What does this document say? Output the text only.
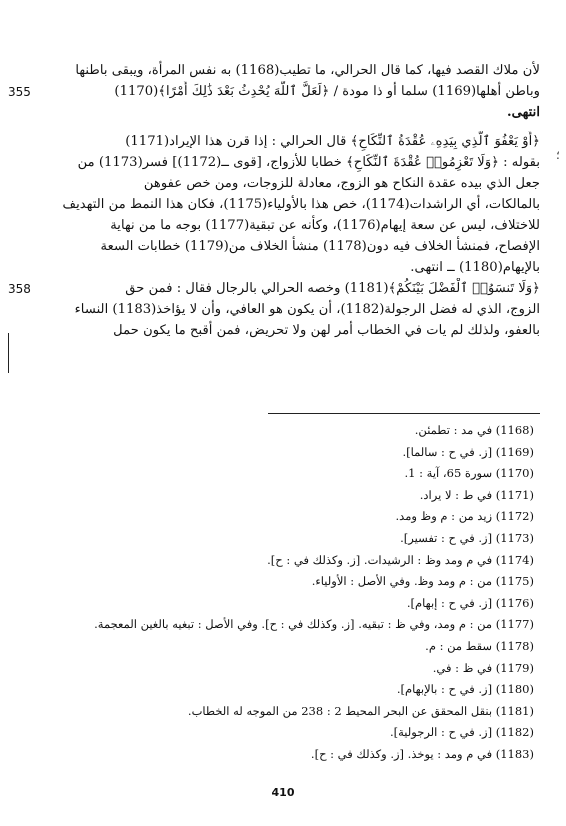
؛
لأن ملاك القصد فيها، كما قال الحرالي، ما تطيب(1168) به نفس المرأة، ويبقى باطنها
وباطن أهلها(1169) سلما أو ذا مودة / ﴿لَعَلَّ ٱللَّهَ يُحْدِثُ بَعْدَ ذَٰلِكَ أَمْرًا﴾(1170)
355
انتهى.
﴿أَوْ يَعْفُوَ ٱلَّذِي بِيَدِهِۦ عُقْدَةُ ٱلنِّكَاحِ﴾ قال الحرالي : إذا قرن هذا الإيراد(1171)
بقوله : ﴿وَلَا تَعْزِمُوا۟ عُقْدَةَ ٱلنِّكَاحِ﴾ خطابا للأزواج، [قوى ــ(1172)] فسر(1173) من
جعل الذي بيده عقدة النكاح هو الزوج، معادلة للزوجات، ومن خص عفوهن
بالمالكات، أي الراشدات(1174)، خص هذا بالأولياء(1175)، فكان هذا النمط من التهديف
للاختلاف، ليس عن سعة إيهام(1176)، وكأنه عن تبقية(1177) بوجه ما من نهاية
الإفصاح، فمنشأ الخلاف فيه دون(1178) منشأ الخلاف من(1179) خطابات السعة
بالإيهام(1180) ــ انتهى.
﴿وَلَا تَنسَوُا۟ ٱلْفَضْلَ بَيْنَكُمْ﴾(1181) وخصه الحرالي بالرجال فقال : فمن حق
358
الزوج، الذي له فضل الرجولة(1182)، أن يكون هو العافي، وأن لا يؤاخذ(1183) النساء
بالعفو، ولذلك لم يات في الخطاب أمر لهن ولا تحريض، فمن أقبح ما يكون حمل
(1168) في مد : تطمئن.
(1169) [ز. في ح : سالما].
(1170) سورة 65، آية : 1.
(1171) في ط : لا يراد.
(1172) زيد من : م وظ ومد.
(1173) [ز. في ح : تفسير].
(1174) في م ومد وظ : الرشيدات. [ز. وكذلك في : ح].
(1175) من : م ومد وظ. وفي الأصل : الأولياء.
(1176) [ز. في ح : إبهام].
(1177) من : م ومد، وفي ظ : تبقيه. [ز. وكذلك في : ح]. وفي الأصل : تبغيه بالغين المعجمة.
(1178) سقط من : م.
(1179) في ظ : في.
(1180) [ز. في ح : بالإبهام].
(1181) بنقل المحقق عن البحر المحيط 2 : 238 من الموجه له الخطاب.
(1182) [ز. في ح : الرجولية].
(1183) في م ومد : يوخذ. [ز. وكذلك في : ح].
410
